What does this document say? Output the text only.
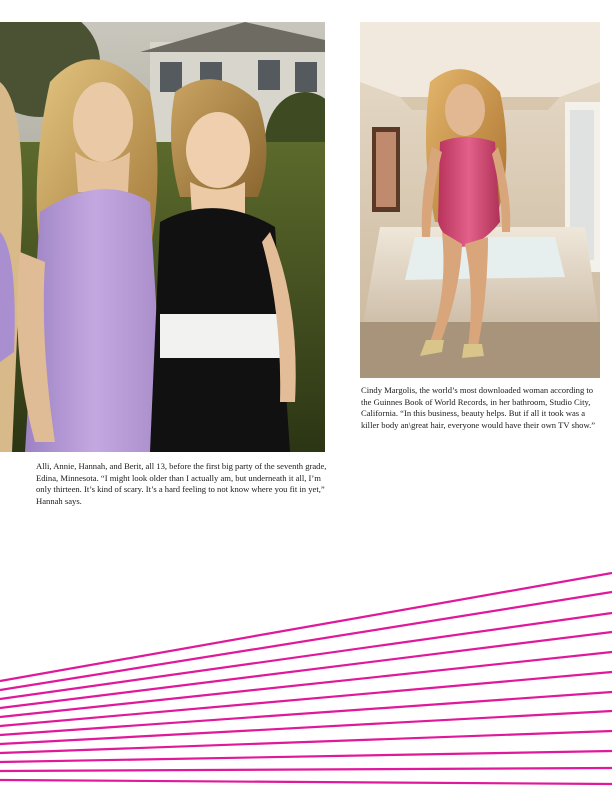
Alli, Annie, Hannah, and Berit, all 13, before the first big party of the seventh grade, Edina, Minnesota. “I might look older than I actually am, but underneath it all, I’m only thirteen. It’s kind of scary. It’s a hard feeling to not know where you fit in yet,” Hannah says.

Cindy Margolis, the world’s most downloaded woman according to the Guinnes Book of World Records, in her bathroom, Studio City, California. “In this business, beauty helps. But if all it took was a killer body an\great hair, everyone would have their own TV show.”
